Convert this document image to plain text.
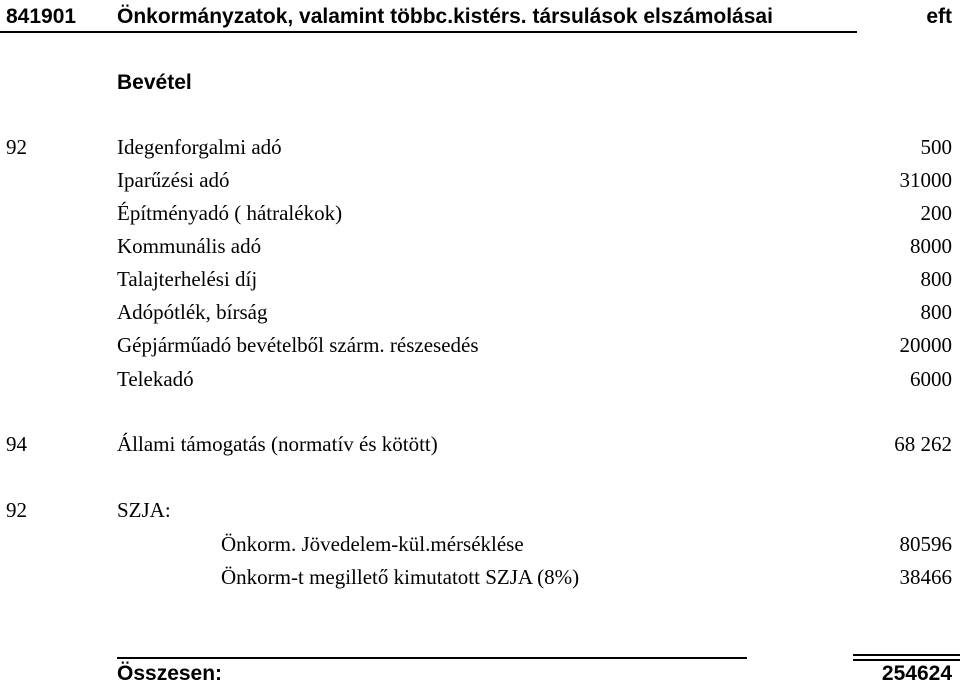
841901 Önkormányzatok, valamint többc.kistérs. társulások elszámolásai	eft
Bevétel
92	Idegenforgalmi adó	500
Iparűzési adó	31000
Építményadó ( hátralékok)	200
Kommunális adó	8000
Talajterhelési díj	800
Adópótlék, bírság	800
Gépjárműadó bevételből szárm. részesedés	20000
Telekadó	6000
94	Állami támogatás (normatív és kötött)	68 262
92	SZJA:
Önkorm. Jövedelem-kül.mérséklése	80596
Önkorm-t megillető kimutatott SZJA (8%)	38466
Összesen:	254624
